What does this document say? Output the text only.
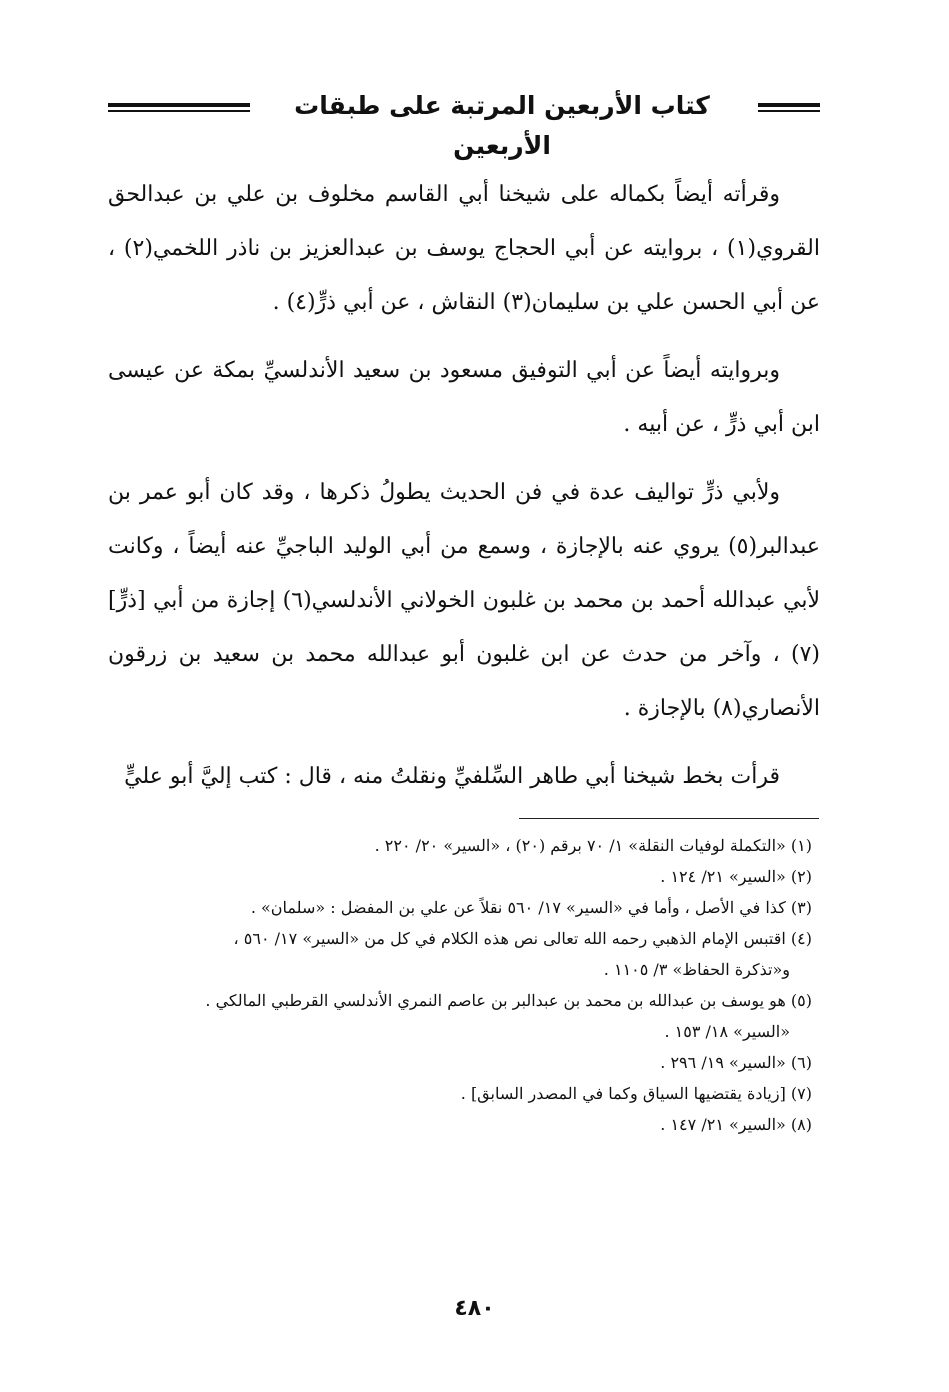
كتاب الأربعين المرتبة على طبقات الأربعين

وقرأته أيضاً بكماله على شيخنا أبي القاسم مخلوف بن علي بن عبدالحق القروي(١) ، بروايته عن أبي الحجاج يوسف بن عبدالعزيز بن ناذر اللخمي(٢) ، عن أبي الحسن علي بن سليمان(٣) النقاش ، عن أبي ذرٍّ(٤) .

وبروايته أيضاً عن أبي التوفيق مسعود بن سعيد الأندلسيِّ بمكة عن عيسى ابن أبي ذرٍّ ، عن أبيه .

ولأبي ذرٍّ تواليف عدة في فن الحديث يطولُ ذكرها ، وقد كان أبو عمر بن عبدالبر(٥) يروي عنه بالإجازة ، وسمع من أبي الوليد الباجيِّ عنه أيضاً ، وكانت لأبي عبدالله أحمد بن محمد بن غلبون الخولاني الأندلسي(٦) إجازة من أبي [ذرٍّ](٧) ، وآخر من حدث عن ابن غلبون أبو عبدالله محمد بن سعيد بن زرقون الأنصاري(٨) بالإجازة .

قرأت بخط شيخنا أبي طاهر السِّلفيِّ ونقلتُ منه ، قال : كتب إليَّ أبو عليٍّ

(١) «التكملة لوفيات النقلة» ١/ ٧٠ برقم (٢٠) ، «السير» ٢٠/ ٢٢٠ .

(٢) «السير» ٢١/ ١٢٤ .

(٣) كذا في الأصل ، وأما في «السير» ١٧/ ٥٦٠ نقلاً عن علي بن المفضل : «سلمان» .

(٤) اقتبس الإمام الذهبي رحمه الله تعالى نص هذه الكلام في كل من «السير» ١٧/ ٥٦٠ ،

و«تذكرة الحفاظ» ٣/ ١١٠٥ .

(٥) هو يوسف بن عبدالله بن محمد بن عبدالبر بن عاصم النمري الأندلسي القرطبي المالكي .

«السير» ١٨/ ١٥٣ .

(٦) «السير» ١٩/ ٢٩٦ .

(٧) [زيادة يقتضيها السياق وكما في المصدر السابق] .

(٨) «السير» ٢١/ ١٤٧ .

٤٨٠
